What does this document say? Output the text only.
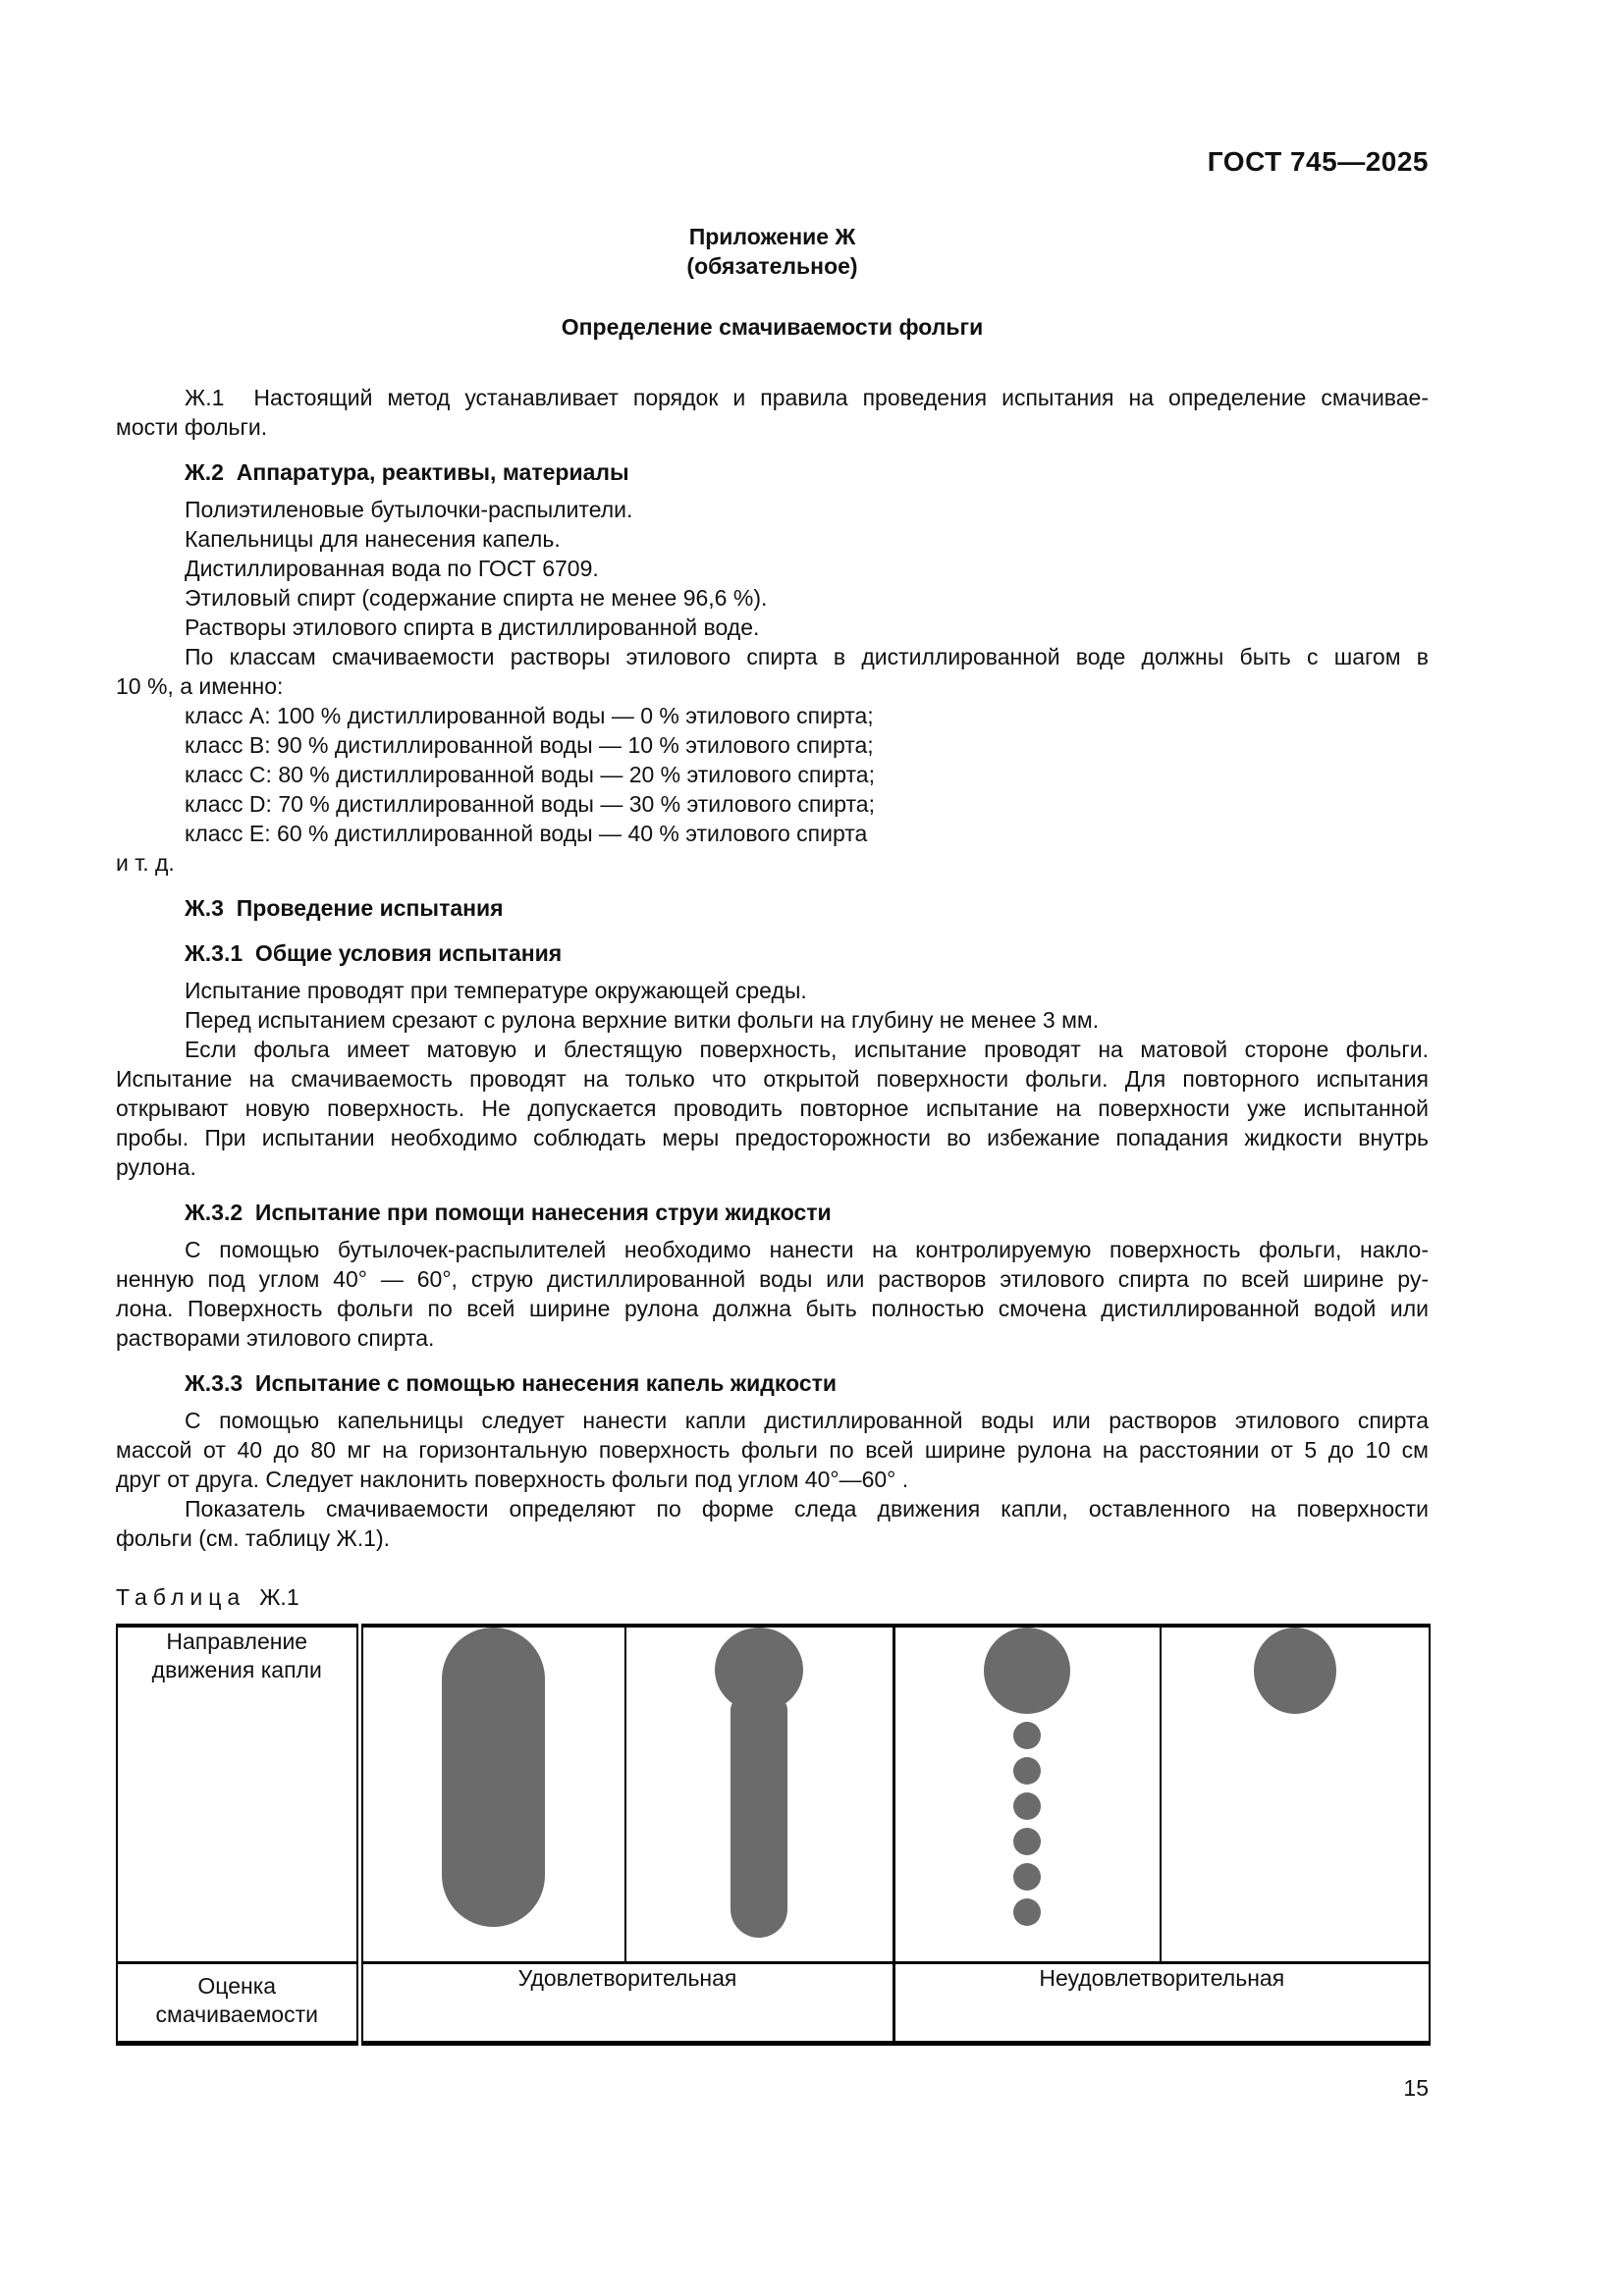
ГОСТ 745—2025
Приложение Ж
(обязательное)
Определение смачиваемости фольги
Ж.1  Настоящий метод устанавливает порядок и правила проведения испытания на определение смачивае-
мости фольги.
Ж.2  Аппаратура, реактивы, материалы
Полиэтиленовые бутылочки-распылители.
Капельницы для нанесения капель.
Дистиллированная вода по ГОСТ 6709.
Этиловый спирт (содержание спирта не менее 96,6 %).
Растворы этилового спирта в дистиллированной воде.
По классам смачиваемости растворы этилового спирта в дистиллированной воде должны быть с шагом в
10 %, а именно:
класс A: 100 % дистиллированной воды — 0 % этилового спирта;
класс B: 90 % дистиллированной воды — 10 % этилового спирта;
класс C: 80 % дистиллированной воды — 20 % этилового спирта;
класс D: 70 % дистиллированной воды — 30 % этилового спирта;
класс E: 60 % дистиллированной воды — 40 % этилового спирта
и т. д.
Ж.3  Проведение испытания
Ж.3.1  Общие условия испытания
Испытание проводят при температуре окружающей среды.
Перед испытанием срезают с рулона верхние витки фольги на глубину не менее 3 мм.
Если фольга имеет матовую и блестящую поверхность, испытание проводят на матовой стороне фольги.
Испытание на смачиваемость проводят на только что открытой поверхности фольги. Для повторного испытания
открывают новую поверхность. Не допускается проводить повторное испытание на поверхности уже испытанной
пробы. При испытании необходимо соблюдать меры предосторожности во избежание попадания жидкости внутрь
рулона.
Ж.3.2  Испытание при помощи нанесения струи жидкости
С помощью бутылочек-распылителей необходимо нанести на контролируемую поверхность фольги, накло-
ненную под углом 40° — 60°, струю дистиллированной воды или растворов этилового спирта по всей ширине ру-
лона. Поверхность фольги по всей ширине рулона должна быть полностью смочена дистиллированной водой или
растворами этилового спирта.
Ж.3.3  Испытание с помощью нанесения капель жидкости
С помощью капельницы следует нанести капли дистиллированной воды или растворов этилового спирта
массой от 40 до 80 мг на горизонтальную поверхность фольги по всей ширине рулона на расстоянии от 5 до 10 см
друг от друга. Следует наклонить поверхность фольги под углом 40°—60° .
Показатель смачиваемости определяют по форме следа движения капли, оставленного на поверхности
фольги (см. таблицу Ж.1).
Таблица Ж.1
Направление движения капли				

Оценка смачиваемости	Удовлетворительная		Неудовлетворительная	
15
